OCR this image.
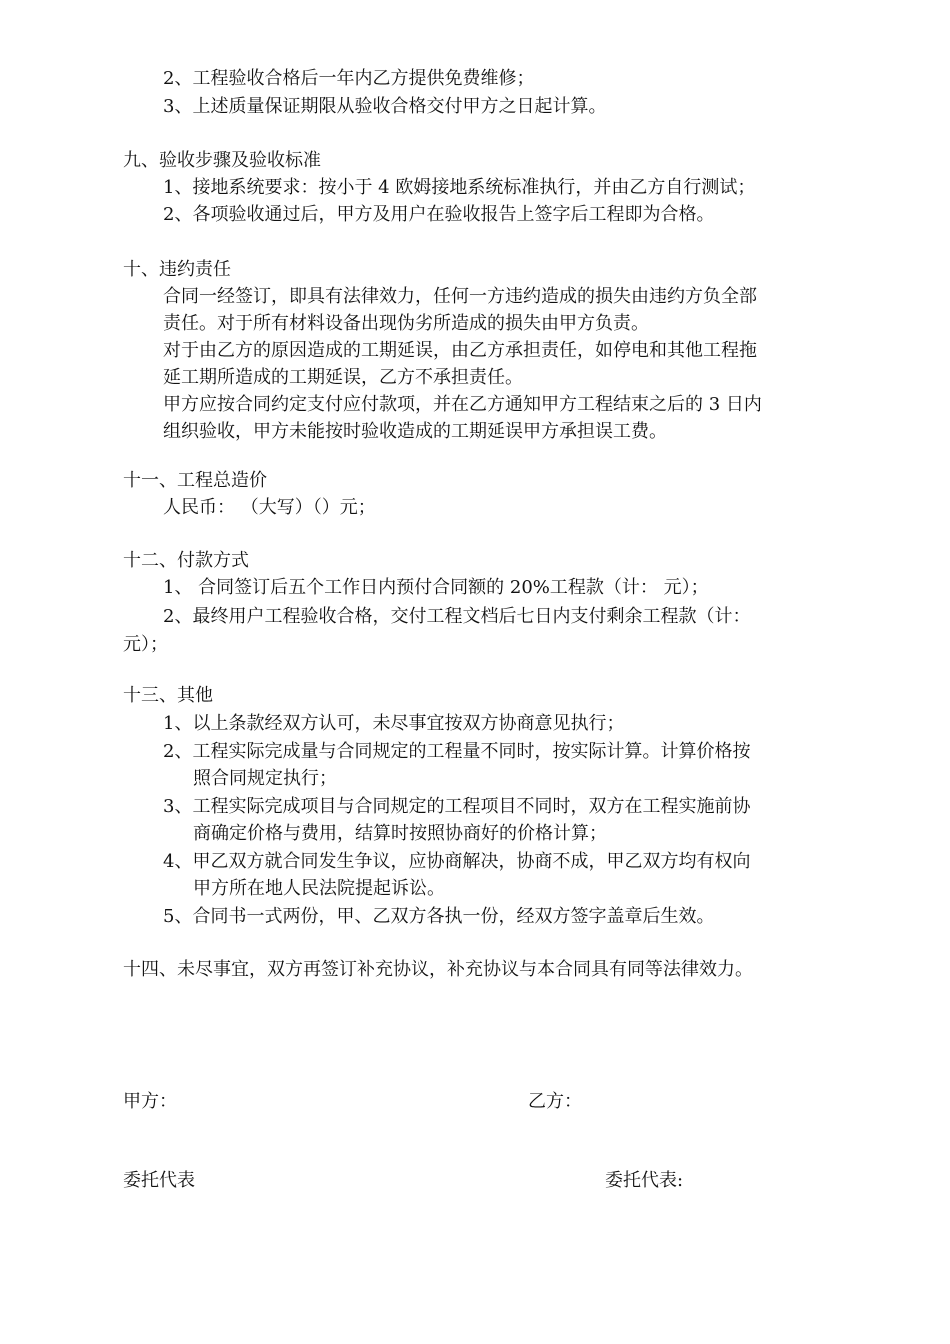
2、工程验收合格后一年内乙方提供免费维修；
3、上述质量保证期限从验收合格交付甲方之日起计算。
九、验收步骤及验收标准
1、接地系统要求：按小于 4 欧姆接地系统标准执行，并由乙方自行测试；
2、各项验收通过后，甲方及用户在验收报告上签字后工程即为合格。
十、违约责任
合同一经签订，即具有法律效力，任何一方违约造成的损失由违约方负全部
责任。对于所有材料设备出现伪劣所造成的损失由甲方负责。
对于由乙方的原因造成的工期延误，由乙方承担责任，如停电和其他工程拖
延工期所造成的工期延误，乙方不承担责任。
甲方应按合同约定支付应付款项，并在乙方通知甲方工程结束之后的 3 日内
组织验收，甲方未能按时验收造成的工期延误甲方承担误工费。
十一、工程总造价
人民币： （大写）（）元；
十二、付款方式
1、 合同签订后五个工作日内预付合同额的 20%工程款（计： 元）；
2、最终用户工程验收合格，交付工程文档后七日内支付剩余工程款（计：
元）；
十三、其他
1、以上条款经双方认可，未尽事宜按双方协商意见执行；
2、工程实际完成量与合同规定的工程量不同时，按实际计算。计算价格按
照合同规定执行；
3、工程实际完成项目与合同规定的工程项目不同时，双方在工程实施前协
商确定价格与费用，结算时按照协商好的价格计算；
4、甲乙双方就合同发生争议，应协商解决，协商不成，甲乙双方均有权向
甲方所在地人民法院提起诉讼。
5、合同书一式两份，甲、乙双方各执一份，经双方签字盖章后生效。
十四、未尽事宜，双方再签订补充协议，补充协议与本合同具有同等法律效力。
甲方：	乙方：
委托代表	委托代表:
